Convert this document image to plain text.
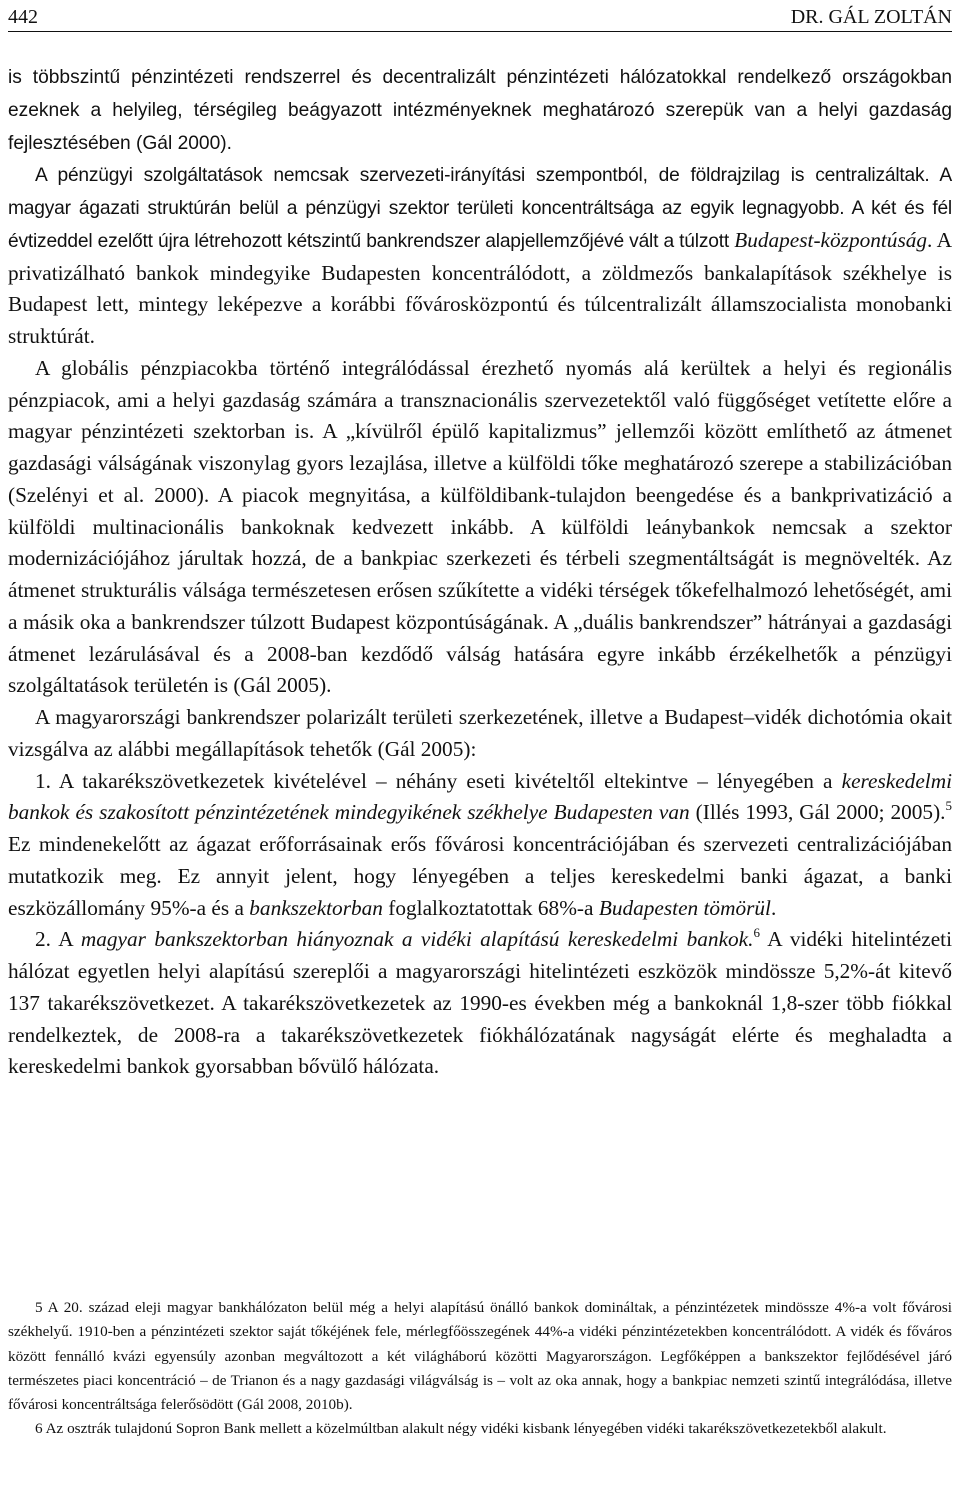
442	DR. GÁL ZOLTÁN

is többszintű pénzintézeti rendszerrel és decentralizált pénzintézeti hálózatokkal rendelkező országokban ezeknek a helyileg, térségileg beágyazott intézményeknek meghatározó szerepük van a helyi gazdaság fejlesztésében (Gál 2000).

A pénzügyi szolgáltatások nemcsak szervezeti-irányítási szempontból, de földrajzilag is centralizáltak. A magyar ágazati struktúrán belül a pénzügyi szektor területi koncentráltsága az egyik legnagyobb. A két és fél évtizeddel ezelőtt újra létrehozott kétszintű bankrendszer alapjellemzőjévé vált a túlzott Budapest-központúság. A privatizálható bankok mindegyike Budapesten koncentrálódott, a zöldmezős bankalapítások székhelye is Budapest lett, mintegy leképezve a korábbi fővárosközpontú és túlcentralizált államszocialista monobanki struktúrát.

A globális pénzpiacokba történő integrálódással érezhető nyomás alá kerültek a helyi és regionális pénzpiacok, ami a helyi gazdaság számára a transznacionális szervezetektől való függőséget vetítette előre a magyar pénzintézeti szektorban is. A „kívülről épülő kapitalizmus” jellemzői között említhető az átmenet gazdasági válságának viszonylag gyors lezajlása, illetve a külföldi tőke meghatározó szerepe a stabilizációban (Szelényi et al. 2000). A piacok megnyitása, a külföldibank-tulajdon beengedése és a bankprivatizáció a külföldi multinacionális bankoknak kedvezett inkább. A külföldi leánybankok nemcsak a szektor modernizációjához járultak hozzá, de a bankpiac szerkezeti és térbeli szegmentáltságát is megnövelték. Az átmenet strukturális válsága természetesen erősen szűkítette a vidéki térségek tőkefelhalmozó lehetőségét, ami a másik oka a bankrendszer túlzott Budapest központúságának. A „duális bankrendszer” hátrányai a gazdasági átmenet lezárulásával és a 2008-ban kezdődő válság hatására egyre inkább érzékelhetők a pénzügyi szolgáltatások területén is (Gál 2005).

A magyarországi bankrendszer polarizált területi szerkezetének, illetve a Budapest–vidék dichotómia okait vizsgálva az alábbi megállapítások tehetők (Gál 2005):

1. A takarékszövetkezetek kivételével – néhány eseti kivételtől eltekintve – lényegében a kereskedelmi bankok és szakosított pénzintézetének mindegyikének székhelye Budapesten van (Illés 1993, Gál 2000; 2005).$^5$ Ez mindenekelőtt az ágazat erőforrásainak erős fővárosi koncentrációjában és szervezeti centralizációjában mutatkozik meg. Ez annyit jelent, hogy lényegében a teljes kereskedelmi banki ágazat, a banki eszközállomány 95%-a és a bankszektorban foglalkoztatottak 68%-a Budapesten tömörül.

2. A magyar bankszektorban hiányoznak a vidéki alapítású kereskedelmi bankok.$^6$ A vidéki hitelintézeti hálózat egyetlen helyi alapítású szereplői a magyarországi hitelintézeti eszközök mindössze 5,2%-át kitevő 137 takarékszövetkezet. A takarékszövetkezetek az 1990-es években még a bankoknál 1,8-szer több fiókkal rendelkeztek, de 2008-ra a takarékszövetkezetek fiókhálózatának nagyságát elérte és meghaladta a kereskedelmi bankok gyorsabban bővülő hálózata.

5 A 20. század eleji magyar bankhálózaton belül még a helyi alapítású önálló bankok domináltak, a pénzintézetek mindössze 4%-a volt fővárosi székhelyű. 1910-ben a pénzintézeti szektor saját tőkéjének fele, mérlegfőösszegének 44%-a vidéki pénzintézetekben koncentrálódott. A vidék és főváros között fennálló kvázi egyensúly azonban megváltozott a két világháború közötti Magyarországon. Legfőképpen a bankszektor fejlődésével járó természetes piaci koncentráció – de Trianon és a nagy gazdasági világválság is – volt az oka annak, hogy a bankpiac nemzeti szintű integrálódása, illetve fővárosi koncentráltsága felerősödött (Gál 2008, 2010b).

6 Az osztrák tulajdonú Sopron Bank mellett a közelmúltban alakult négy vidéki kisbank lényegében vidéki takarékszövetkezetekből alakult.
